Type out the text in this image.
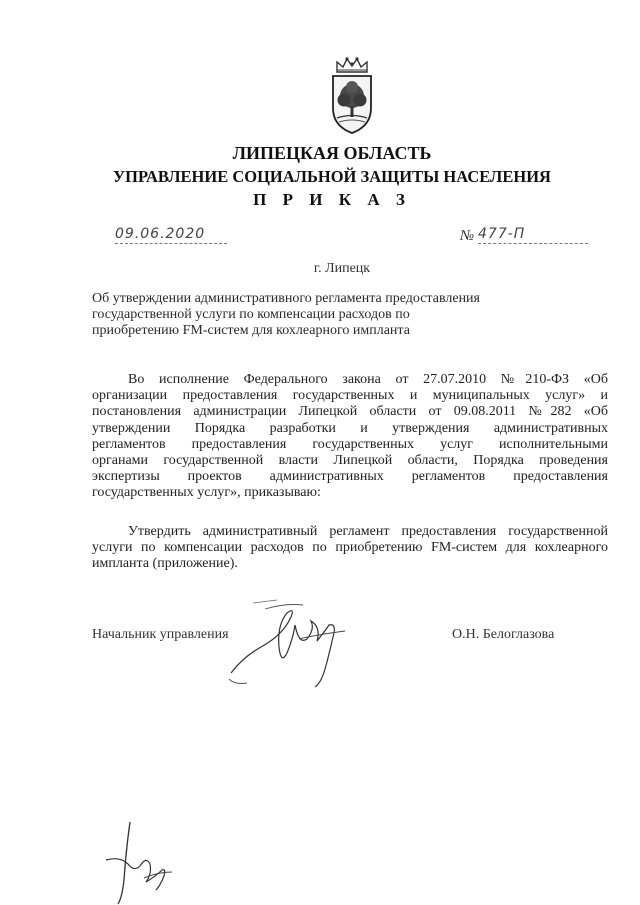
ЛИПЕЦКАЯ ОБЛАСТЬ
УПРАВЛЕНИЕ СОЦИАЛЬНОЙ ЗАЩИТЫ НАСЕЛЕНИЯ
П Р И К А З
09.06.2020	№ 477-П
г. Липецк
Об утверждении административного регламента предоставления
государственной услуги по компенсации расходов по
приобретению FM-систем для кохлеарного импланта
Во исполнение Федерального закона от 27.07.2010 №210-ФЗ «Об
организации предоставления государственных и муниципальных услуг» и
постановления администрации Липецкой области от 09.08.2011 №282 «Об
утверждении Порядка разработки и утверждения административных
регламентов предоставления государственных услуг исполнительными
органами государственной власти Липецкой области, Порядка проведения
экспертизы проектов административных регламентов предоставления
государственных услуг», приказываю:
Утвердить административный регламент предоставления государственной
услуги по компенсации расходов по приобретению FM-систем для кохлеарного
импланта (приложение).
Начальник управления	О.Н. Белоглазова
